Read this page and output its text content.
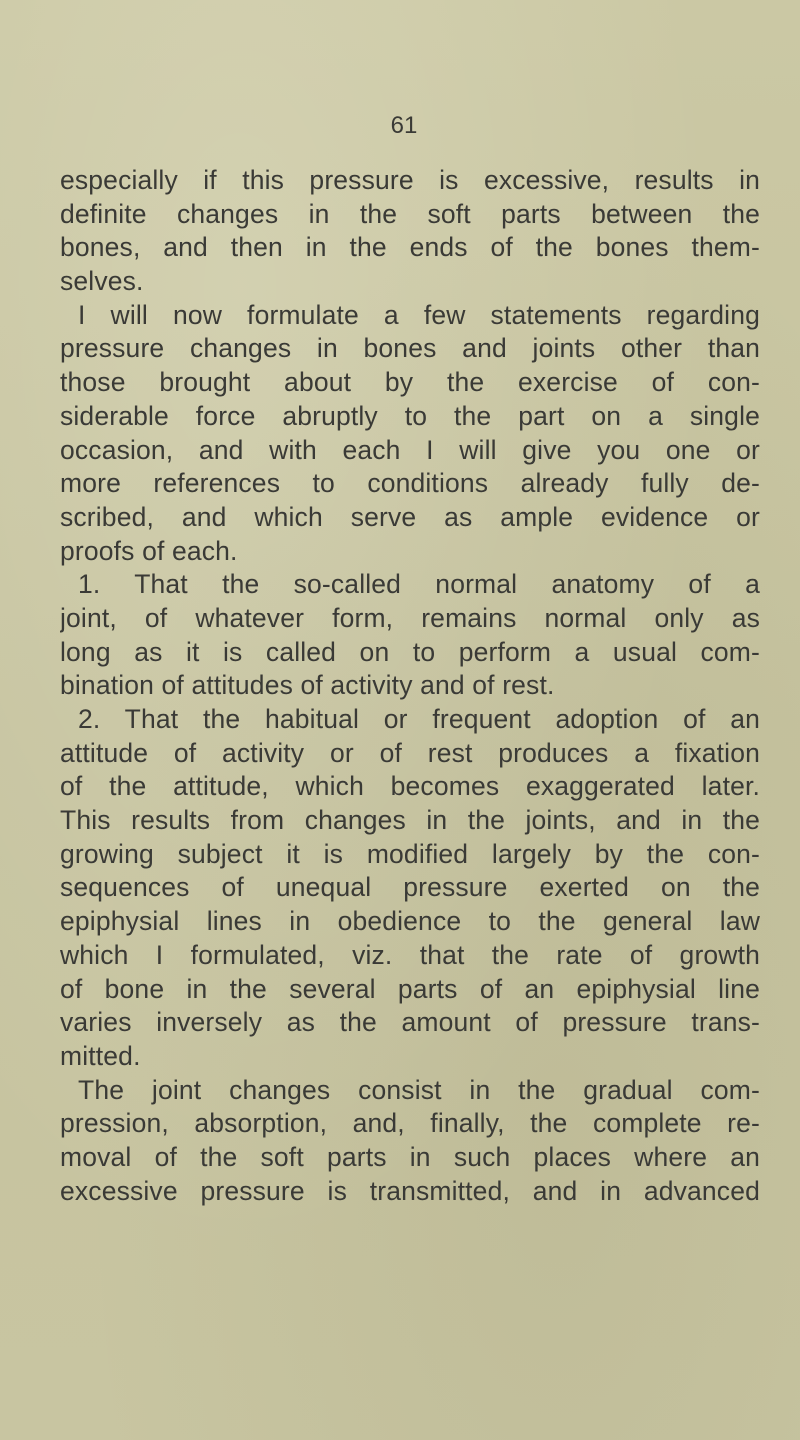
61
especially if this pressure is excessive, results in
definite changes in the soft parts between the
bones, and then in the ends of the bones them-
selves.
I will now formulate a few statements regarding
pressure changes in bones and joints other than
those brought about by the exercise of con-
siderable force abruptly to the part on a single
occasion, and with each I will give you one or
more references to conditions already fully de-
scribed, and which serve as ample evidence or
proofs of each.
1. That the so-called normal anatomy of a
joint, of whatever form, remains normal only as
long as it is called on to perform a usual com-
bination of attitudes of activity and of rest.
2. That the habitual or frequent adoption of an
attitude of activity or of rest produces a fixation
of the attitude, which becomes exaggerated later.
This results from changes in the joints, and in the
growing subject it is modified largely by the con-
sequences of unequal pressure exerted on the
epiphysial lines in obedience to the general law
which I formulated, viz. that the rate of growth
of bone in the several parts of an epiphysial line
varies inversely as the amount of pressure trans-
mitted.
The joint changes consist in the gradual com-
pression, absorption, and, finally, the complete re-
moval of the soft parts in such places where an
excessive pressure is transmitted, and in advanced
